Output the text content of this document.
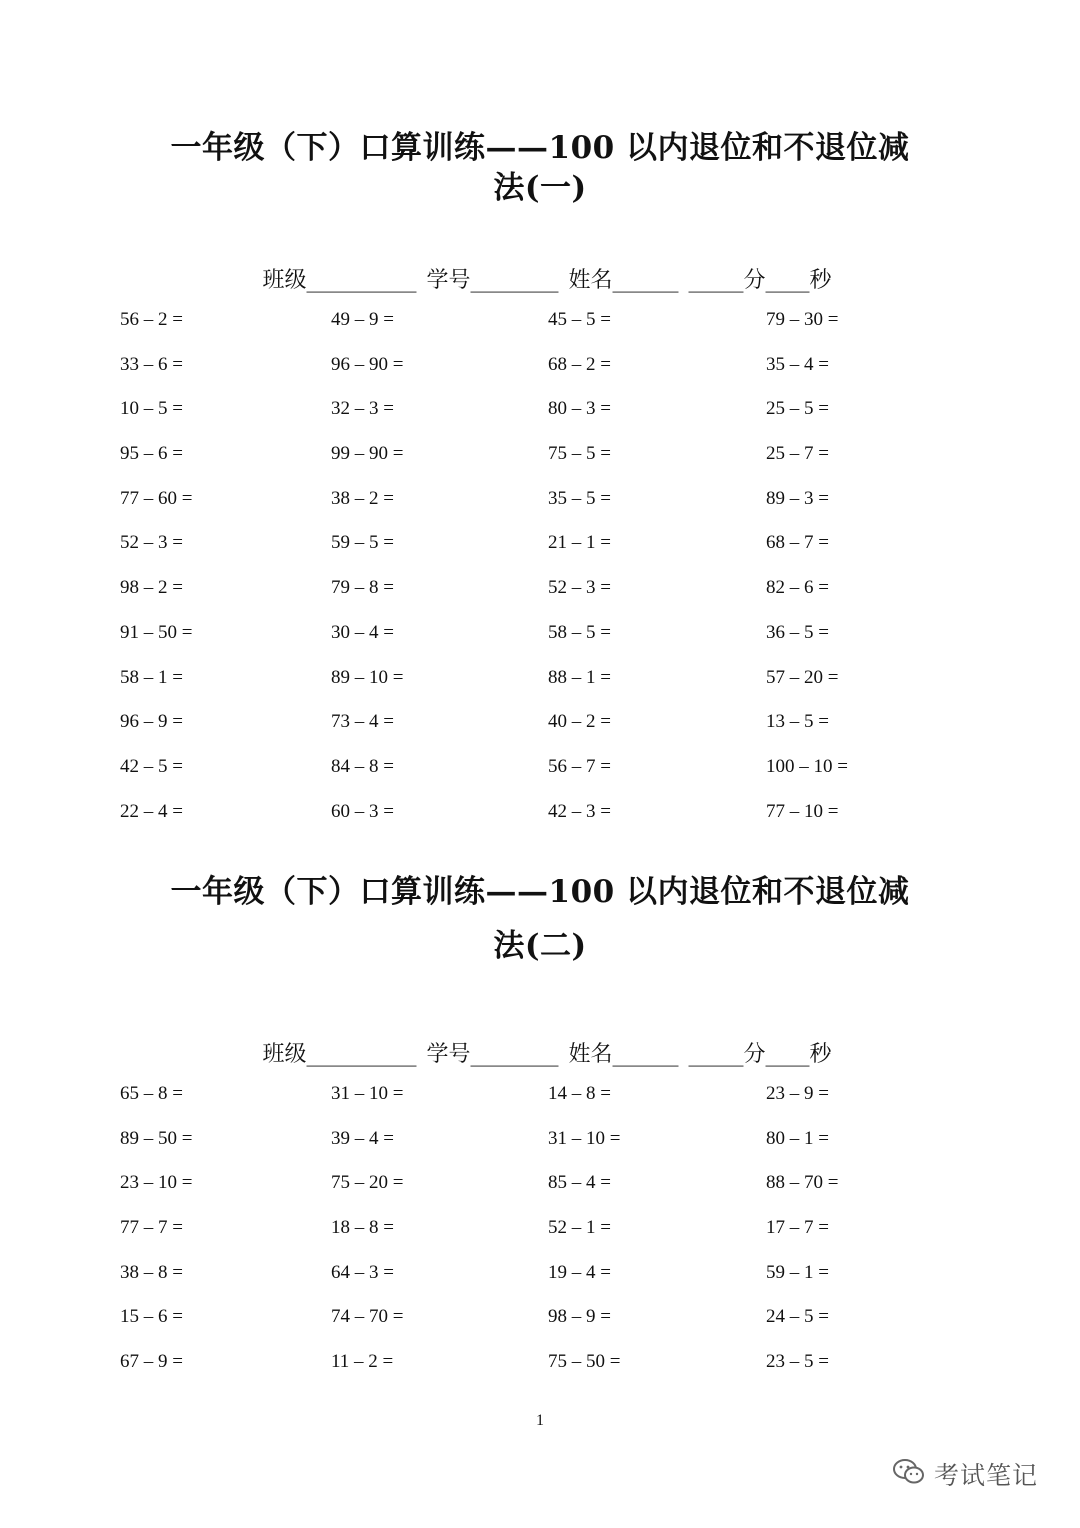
一年级（下）口算训练——100 以内退位和不退位减
法(一)

班级__________ 学号________ 姓名______ _____分____秒

56 – 2 =	49 – 9 =	45 – 5 =	79 – 30 =
33 – 6 =	96 – 90 =	68 – 2 =	35 – 4 =
10 – 5 =	32 – 3 =	80 – 3 =	25 – 5 =
95 – 6 =	99 – 90 =	75 – 5 =	25 – 7 =
77 – 60 =	38 – 2 =	35 – 5 =	89 – 3 =
52 – 3 =	59 – 5 =	21 – 1 =	68 – 7 =
98 – 2 =	79 – 8 =	52 – 3 =	82 – 6 =
91 – 50 =	30 – 4 =	58 – 5 =	36 – 5 =
58 – 1 =	89 – 10 =	88 – 1 =	57 – 20 =
96 – 9 =	73 – 4 =	40 – 2 =	13 – 5 =
42 – 5 =	84 – 8 =	56 – 7 =	100 – 10 =
22 – 4 =	60 – 3 =	42 – 3 =	77 – 10 =
一年级（下）口算训练——100 以内退位和不退位减
法(二)

班级__________ 学号________ 姓名______ _____分____秒

65 – 8 =	31 – 10 =	14 – 8 =	23 – 9 =
89 – 50 =	39 – 4 =	31 – 10 =	80 – 1 =
23 – 10 =	75 – 20 =	85 – 4 =	88 – 70 =
77 – 7 =	18 – 8 =	52 – 1 =	17 – 7 =
38 – 8 =	64 – 3 =	19 – 4 =	59 – 1 =
15 – 6 =	74 – 70 =	98 – 9 =	24 – 5 =
67 – 9 =	11 – 2 =	75 – 50 =	23 – 5 =
1
考试笔记
